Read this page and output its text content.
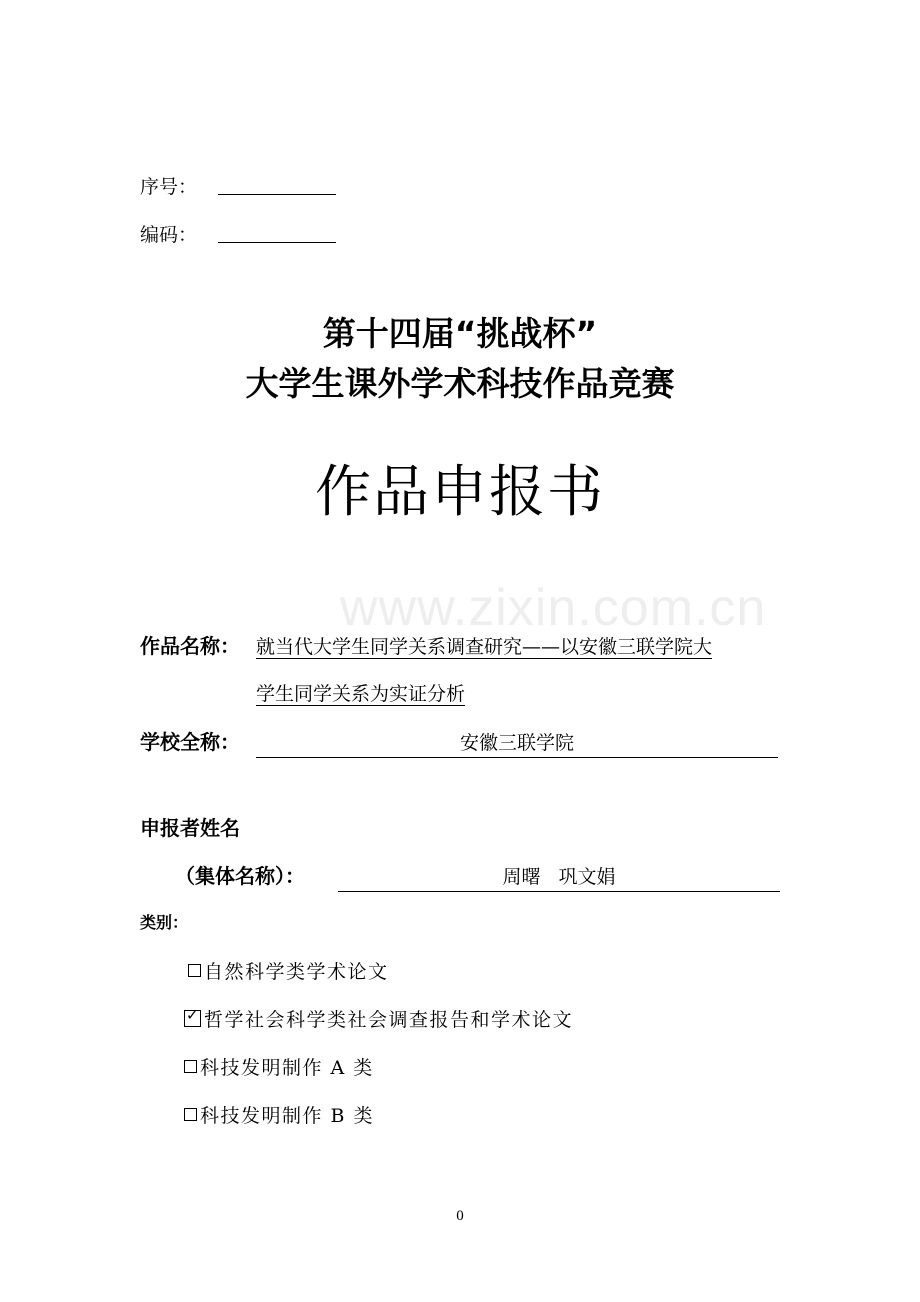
序号：
编码：
第十四届“挑战杯”
大学生课外学术科技作品竞赛
作品申报书
www.zixin.com.cn
作品名称： 就当代大学生同学关系调查研究——以安徽三联学院大
学生同学关系为实证分析
学校全称：	安徽三联学院
申报者姓名
（集体名称）：	周曙   巩文娟
类别：
自然科学类学术论文
✓哲学社会科学类社会调查报告和学术论文
科技发明制作 A 类
科技发明制作 B 类
0
